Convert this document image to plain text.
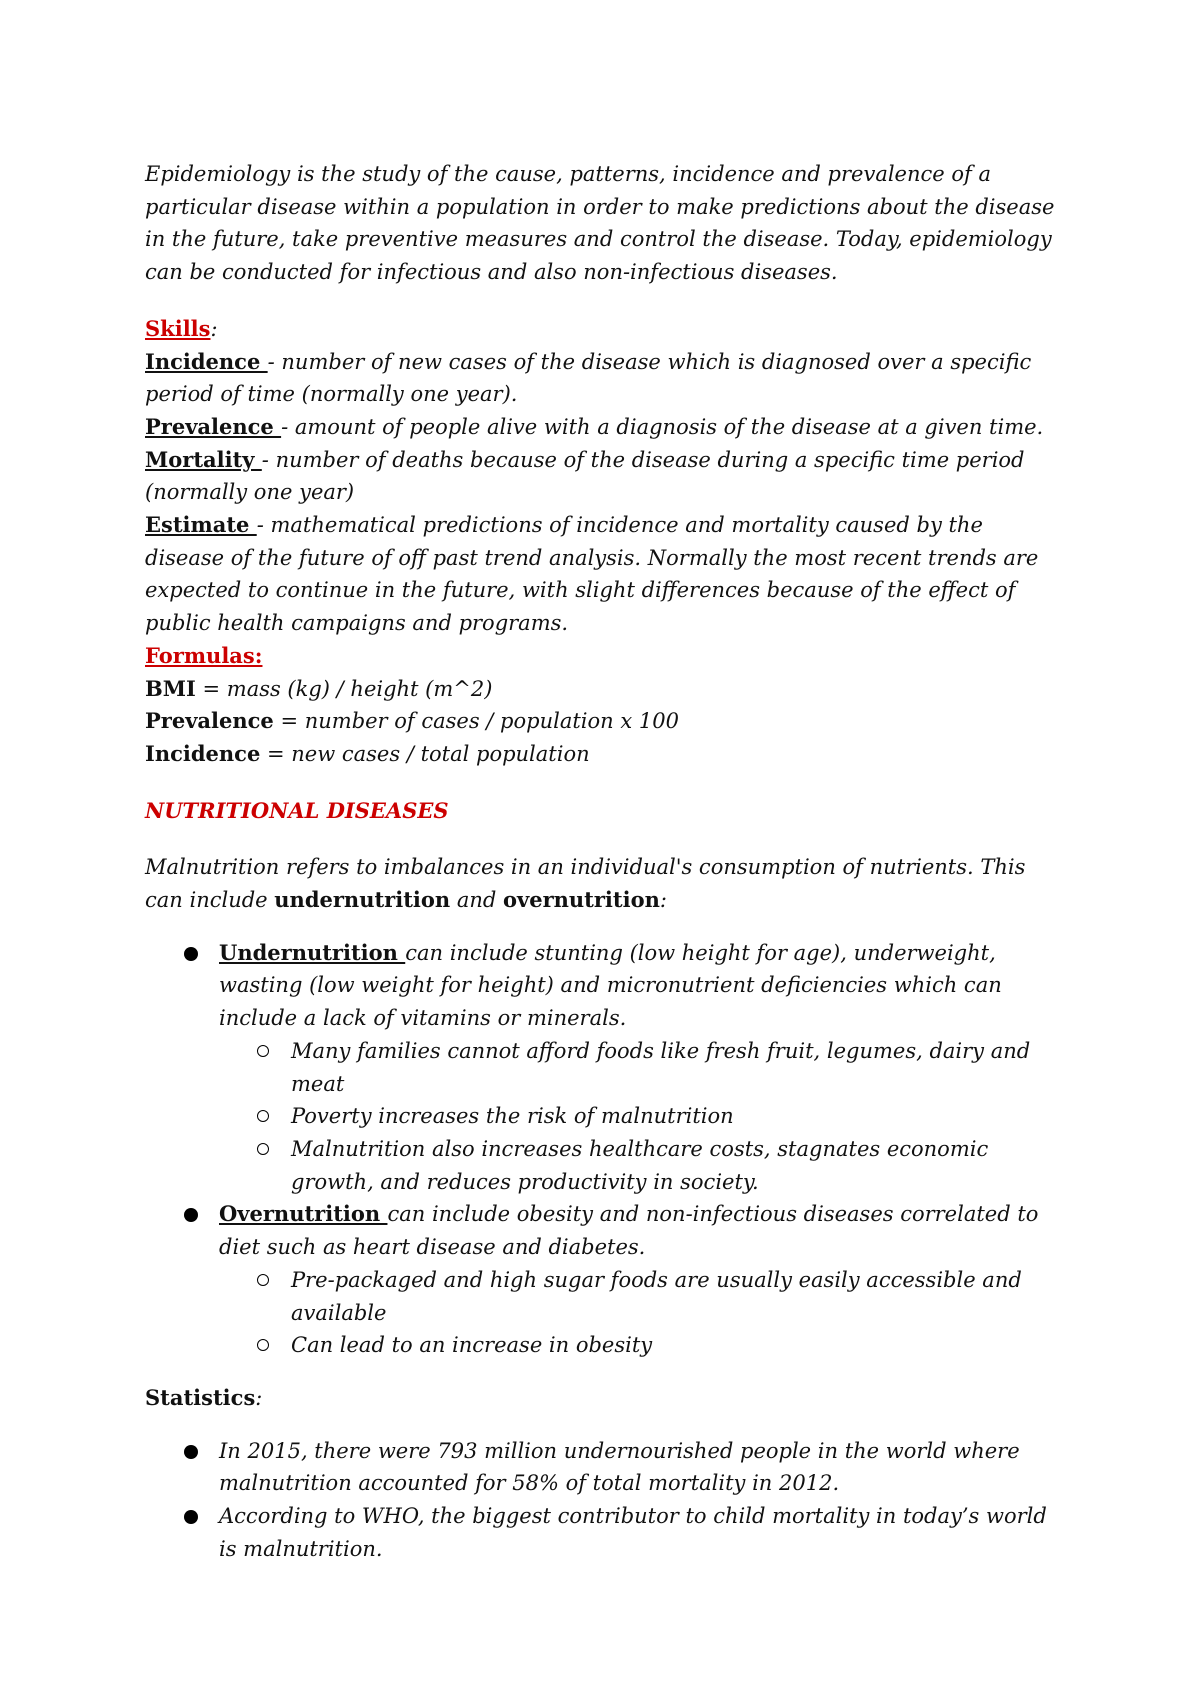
Epidemiology is the study of the cause, patterns, incidence and prevalence of a particular disease within a population in order to make predictions about the disease in the future, take preventive measures and control the disease. Today, epidemiology can be conducted for infectious and also non-infectious diseases.
Skills:
Incidence - number of new cases of the disease which is diagnosed over a specific period of time (normally one year).
Prevalence - amount of people alive with a diagnosis of the disease at a given time.
Mortality - number of deaths because of the disease during a specific time period (normally one year)
Estimate - mathematical predictions of incidence and mortality caused by the disease of the future of off past trend analysis. Normally the most recent trends are expected to continue in the future, with slight differences because of the effect of public health campaigns and programs.
Formulas:
BMI = mass (kg) / height (m^2)
Prevalence = number of cases / population x 100
Incidence = new cases / total population
NUTRITIONAL DISEASES
Malnutrition refers to imbalances in an individual's consumption of nutrients. This can include undernutrition and overnutrition:
Undernutrition can include stunting (low height for age), underweight, wasting (low weight for height) and micronutrient deficiencies which can include a lack of vitamins or minerals.
Many families cannot afford foods like fresh fruit, legumes, dairy and meat
Poverty increases the risk of malnutrition
Malnutrition also increases healthcare costs, stagnates economic growth, and reduces productivity in society.
Overnutrition can include obesity and non-infectious diseases correlated to diet such as heart disease and diabetes.
Pre-packaged and high sugar foods are usually easily accessible and available
Can lead to an increase in obesity
Statistics:
In 2015, there were 793 million undernourished people in the world where malnutrition accounted for 58% of total mortality in 2012.
According to WHO, the biggest contributor to child mortality in today’s world is malnutrition.
